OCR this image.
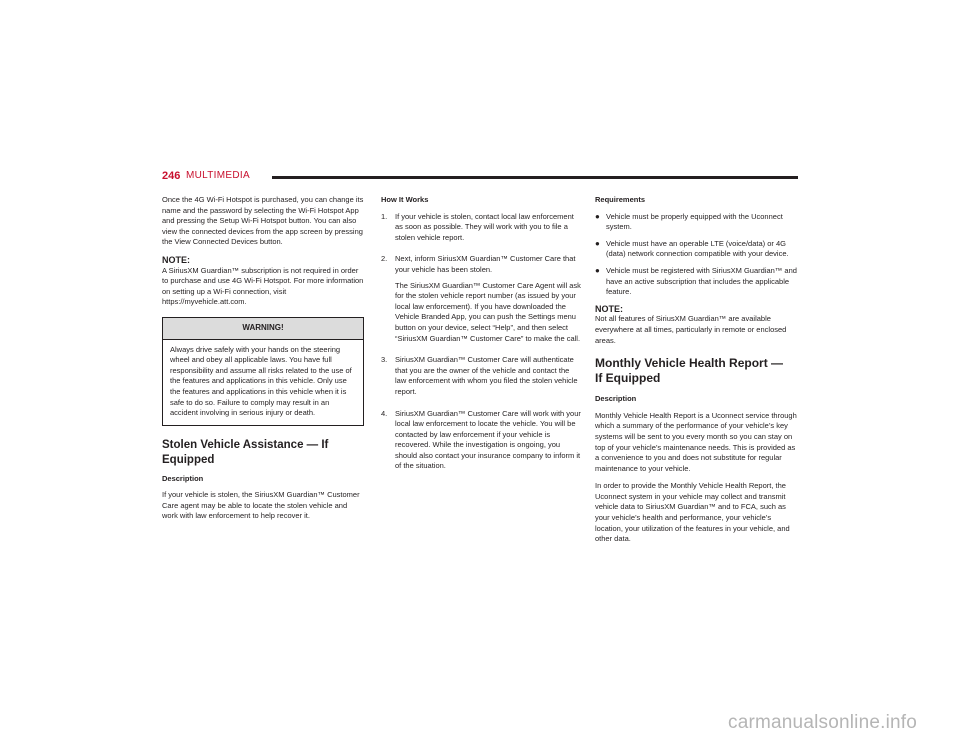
246 MULTIMEDIA

Once the 4G Wi-Fi Hotspot is purchased, you can change its name and the password by selecting the Wi-Fi Hotspot App and pressing the Setup Wi-Fi Hotspot button. You can also view the connected devices from the app screen by pressing the View Connected Devices button.

NOTE:

A SiriusXM Guardian™ subscription is not required in order to purchase and use 4G Wi-Fi Hotspot. For more information on setting up a Wi-Fi connection, visit https://myvehicle.att.com.

WARNING!
Always drive safely with your hands on the steering wheel and obey all applicable laws. You have full responsibility and assume all risks related to the use of the features and applications in this vehicle. Only use the features and applications in this vehicle when it is safe to do so. Failure to comply may result in an accident involving in serious injury or death.
Stolen Vehicle Assistance — If Equipped
Description

If your vehicle is stolen, the SiriusXM Guardian™ Customer Care agent may be able to locate the stolen vehicle and work with law enforcement to help recover it.

How It Works
1.	If your vehicle is stolen, contact local law enforcement as soon as possible. They will work with you to file a stolen vehicle report.

2.	Next, inform SiriusXM Guardian™ Customer Care that your vehicle has been stolen.

The SiriusXM Guardian™ Customer Care Agent will ask for the stolen vehicle report number (as issued by your local law enforcement). If you have downloaded the Vehicle Branded App, you can push the Settings menu button on your device, select “Help”, and then select “SiriusXM Guardian™ Customer Care” to make the call.

3.	SiriusXM Guardian™ Customer Care will authenticate that you are the owner of the vehicle and contact the law enforcement with whom you filed the stolen vehicle report.

4.	SiriusXM Guardian™ Customer Care will work with your local law enforcement to locate the vehicle. You will be contacted by law enforcement if your vehicle is recovered. While the investigation is ongoing, you should also contact your insurance company to inform it of the situation.

Requirements
● Vehicle must be properly equipped with the Uconnect system.
● Vehicle must have an operable LTE (voice/data) or 4G (data) network connection compatible with your device.
● Vehicle must be registered with SiriusXM Guardian™ and have an active subscription that includes the applicable feature.
NOTE:

Not all features of SiriusXM Guardian™ are available everywhere at all times, particularly in remote or enclosed areas.

Monthly Vehicle Health Report —
If Equipped
Description

Monthly Vehicle Health Report is a Uconnect service through which a summary of the performance of your vehicle’s key systems will be sent to you every month so you can stay on top of your vehicle’s maintenance needs. This is provided as a convenience to you and does not substitute for regular maintenance to your vehicle.

In order to provide the Monthly Vehicle Health Report, the Uconnect system in your vehicle may collect and transmit vehicle data to SiriusXM Guardian™ and to FCA, such as your vehicle’s health and performance, your vehicle’s location, your utilization of the features in your vehicle, and other data.

carmanualsonline.info
